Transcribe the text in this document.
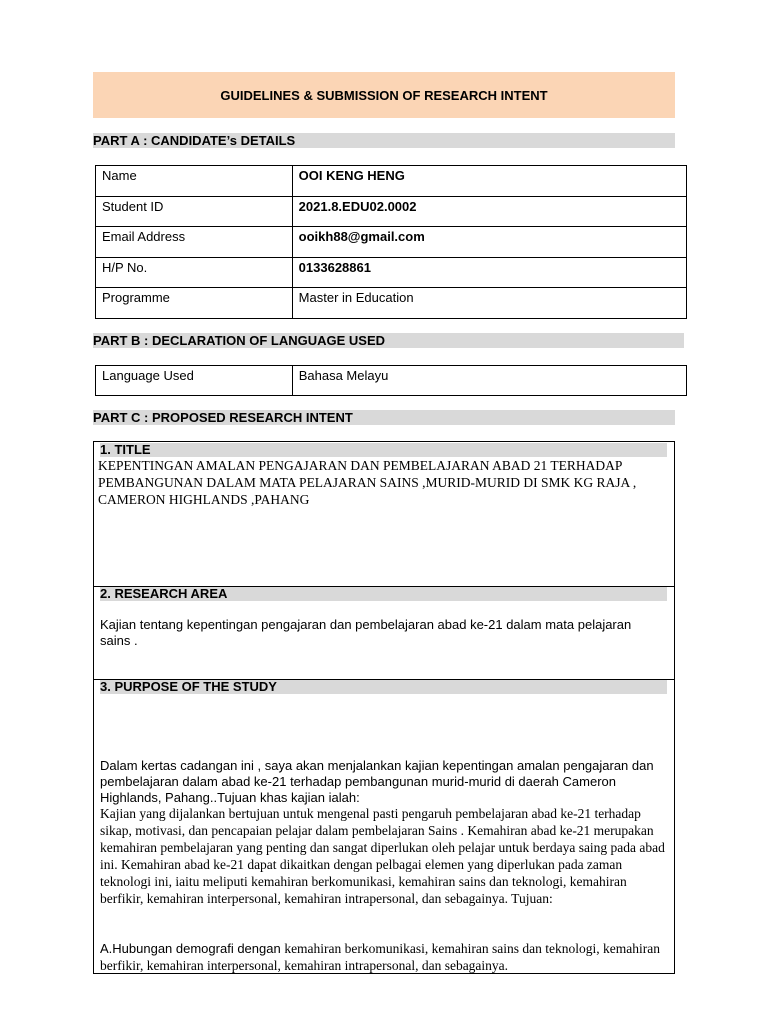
GUIDELINES & SUBMISSION OF RESEARCH INTENT
PART A : CANDIDATE’s DETAILS
Name	OOI KENG HENG
Student ID	2021.8.EDU02.0002
Email Address	ooikh88@gmail.com
H/P No.	0133628861
Programme	Master in Education
PART B : DECLARATION OF LANGUAGE USED
Language Used	Bahasa Melayu
PART C : PROPOSED RESEARCH INTENT
1. TITLE
KEPENTINGAN AMALAN PENGAJARAN DAN PEMBELAJARAN ABAD 21 TERHADAP PEMBANGUNAN DALAM MATA PELAJARAN SAINS ,MURID-MURID DI SMK KG RAJA , CAMERON HIGHLANDS ,PAHANG
2. RESEARCH AREA
Kajian tentang kepentingan pengajaran dan pembelajaran abad ke-21 dalam mata pelajaran sains .
3. PURPOSE OF THE STUDY
Dalam kertas cadangan ini , saya akan menjalankan kajian kepentingan amalan pengajaran dan pembelajaran dalam abad ke-21 terhadap pembangunan murid-murid di daerah Cameron Highlands, Pahang..Tujuan khas kajian ialah:
Kajian yang dijalankan bertujuan untuk mengenal pasti pengaruh pembelajaran abad ke-21 terhadap sikap, motivasi, dan pencapaian pelajar dalam pembelajaran Sains . Kemahiran abad ke-21 merupakan kemahiran pembelajaran yang penting dan sangat diperlukan oleh pelajar untuk berdaya saing pada abad ini. Kemahiran abad ke-21 dapat dikaitkan dengan pelbagai elemen yang diperlukan pada zaman teknologi ini, iaitu meliputi kemahiran berkomunikasi, kemahiran sains dan teknologi, kemahiran berfikir, kemahiran interpersonal, kemahiran intrapersonal, dan sebagainya. Tujuan:
A.Hubungan demografi dengan kemahiran berkomunikasi, kemahiran sains dan teknologi, kemahiran berfikir, kemahiran interpersonal, kemahiran intrapersonal, dan sebagainya.
